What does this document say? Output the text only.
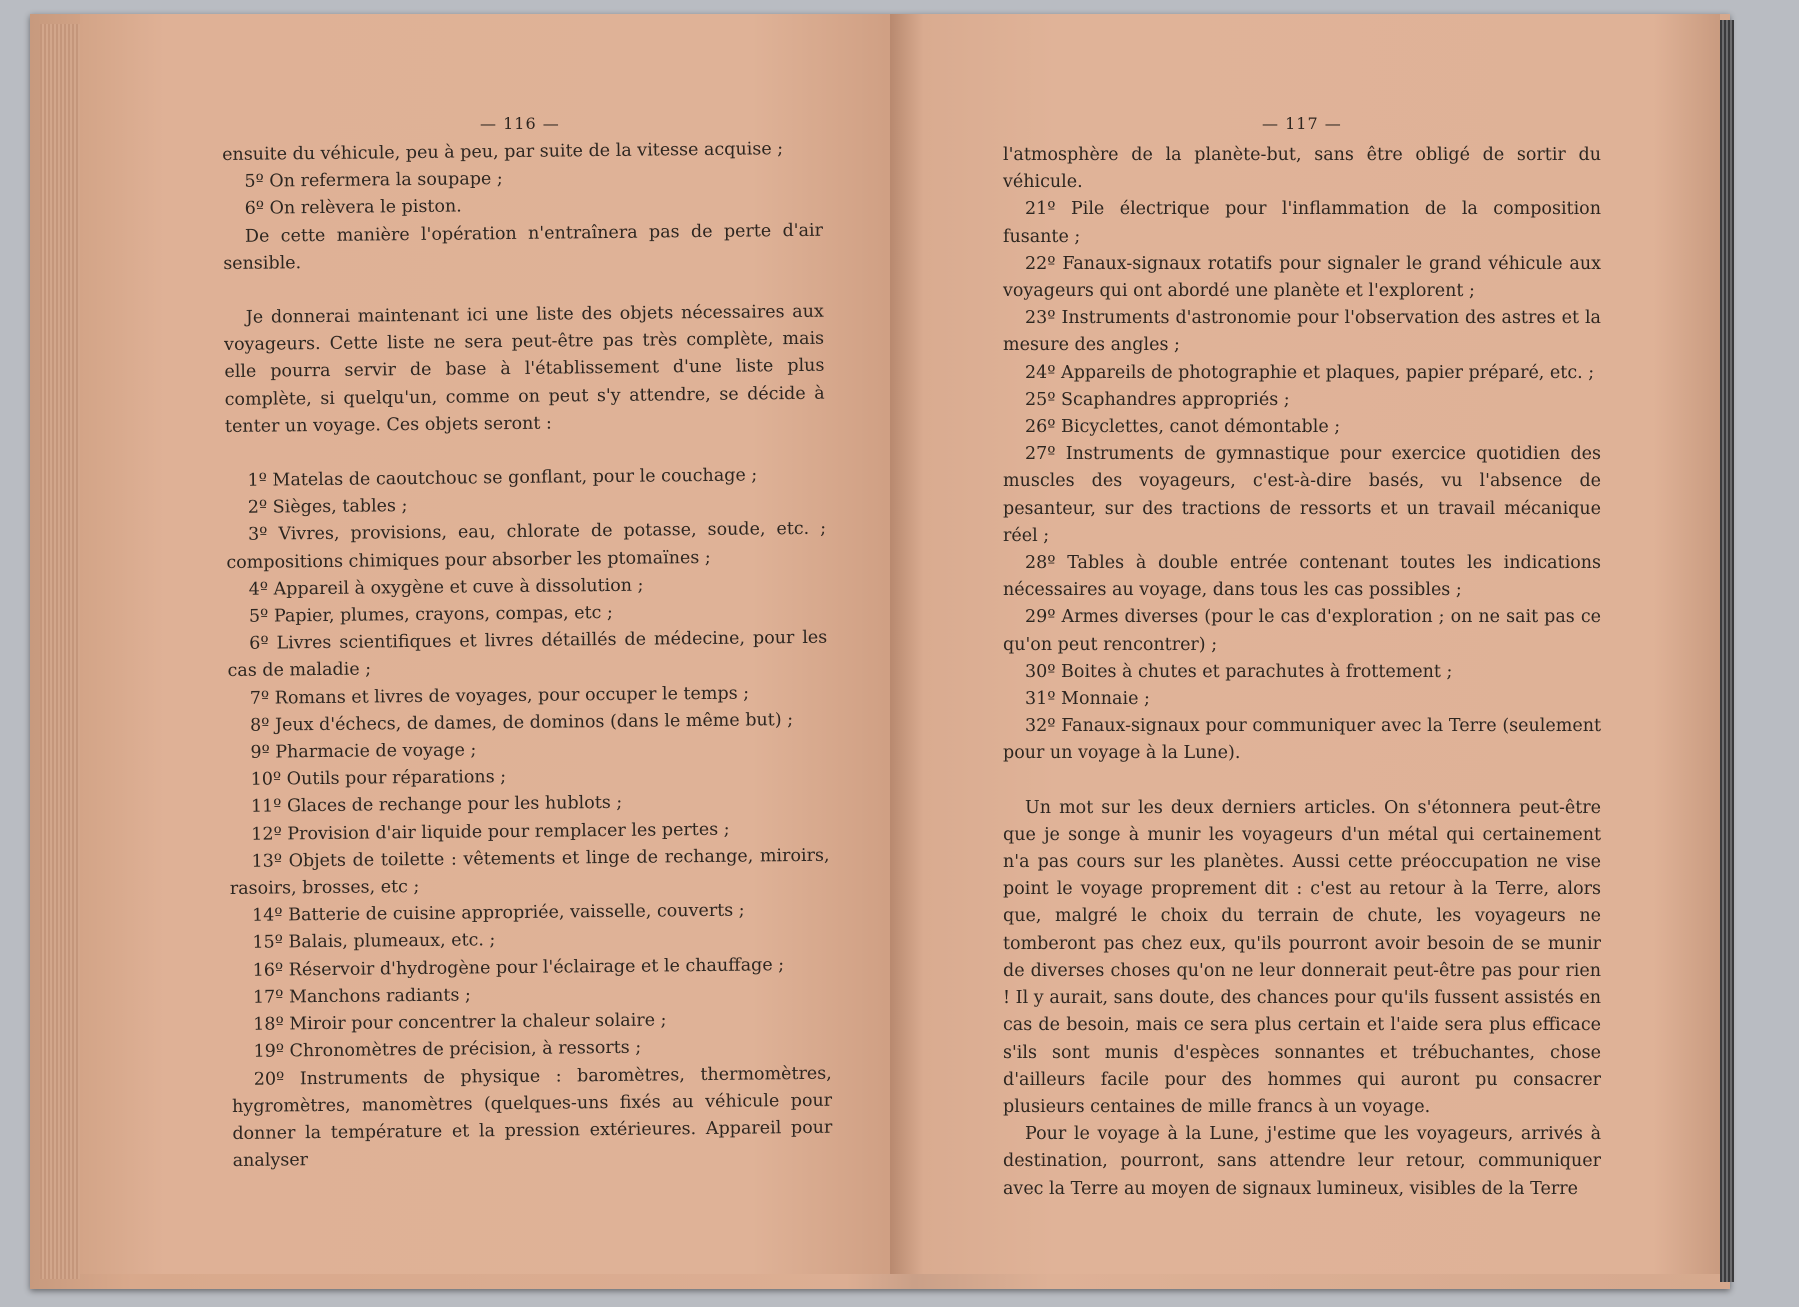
— 116 —

ensuite du véhicule, peu à peu, par suite de la vitesse acquise ;

5º On refermera la soupape ;

6º On relèvera le piston.

De cette manière l'opération n'entraînera pas de perte d'air sensible.

Je donnerai maintenant ici une liste des objets nécessaires aux voyageurs. Cette liste ne sera peut-être pas très complète, mais elle pourra servir de base à l'établissement d'une liste plus complète, si quelqu'un, comme on peut s'y attendre, se décide à tenter un voyage. Ces objets seront :

1º Matelas de caoutchouc se gonflant, pour le couchage ;

2º Sièges, tables ;

3º Vivres, provisions, eau, chlorate de potasse, soude, etc. ; compositions chimiques pour absorber les ptomaïnes ;

4º Appareil à oxygène et cuve à dissolution ;

5º Papier, plumes, crayons, compas, etc ;

6º Livres scientifiques et livres détaillés de médecine, pour les cas de maladie ;

7º Romans et livres de voyages, pour occuper le temps ;

8º Jeux d'échecs, de dames, de dominos (dans le même but) ;

9º Pharmacie de voyage ;

10º Outils pour réparations ;

11º Glaces de rechange pour les hublots ;

12º Provision d'air liquide pour remplacer les pertes ;

13º Objets de toilette : vêtements et linge de rechange, miroirs, rasoirs, brosses, etc ;

14º Batterie de cuisine appropriée, vaisselle, couverts ;

15º Balais, plumeaux, etc. ;

16º Réservoir d'hydrogène pour l'éclairage et le chauffage ;

17º Manchons radiants ;

18º Miroir pour concentrer la chaleur solaire ;

19º Chronomètres de précision, à ressorts ;

20º Instruments de physique : baromètres, thermomètres, hygromètres, manomètres (quelques-uns fixés au véhicule pour donner la température et la pression extérieures. Appareil pour analyser

— 117 —

l'atmosphère de la planète-but, sans être obligé de sortir du véhicule.

21º Pile électrique pour l'inflammation de la composition fusante ;

22º Fanaux-signaux rotatifs pour signaler le grand véhicule aux voyageurs qui ont abordé une planète et l'explorent ;

23º Instruments d'astronomie pour l'observation des astres et la mesure des angles ;

24º Appareils de photographie et plaques, papier préparé, etc. ;

25º Scaphandres appropriés ;

26º Bicyclettes, canot démontable ;

27º Instruments de gymnastique pour exercice quotidien des muscles des voyageurs, c'est-à-dire basés, vu l'absence de pesanteur, sur des tractions de ressorts et un travail mécanique réel ;

28º Tables à double entrée contenant toutes les indications nécessaires au voyage, dans tous les cas possibles ;

29º Armes diverses (pour le cas d'exploration ; on ne sait pas ce qu'on peut rencontrer) ;

30º Boites à chutes et parachutes à frottement ;

31º Monnaie ;

32º Fanaux-signaux pour communiquer avec la Terre (seulement pour un voyage à la Lune).

Un mot sur les deux derniers articles. On s'étonnera peut-être que je songe à munir les voyageurs d'un métal qui certainement n'a pas cours sur les planètes. Aussi cette préoccupation ne vise point le voyage proprement dit : c'est au retour à la Terre, alors que, malgré le choix du terrain de chute, les voyageurs ne tomberont pas chez eux, qu'ils pourront avoir besoin de se munir de diverses choses qu'on ne leur donnerait peut-être pas pour rien ! Il y aurait, sans doute, des chances pour qu'ils fussent assistés en cas de besoin, mais ce sera plus certain et l'aide sera plus efficace s'ils sont munis d'espèces sonnantes et trébuchantes, chose d'ailleurs facile pour des hommes qui auront pu consacrer plusieurs centaines de mille francs à un voyage.

Pour le voyage à la Lune, j'estime que les voyageurs, arrivés à destination, pourront, sans attendre leur retour, communiquer avec la Terre au moyen de signaux lumineux, visibles de la Terre
